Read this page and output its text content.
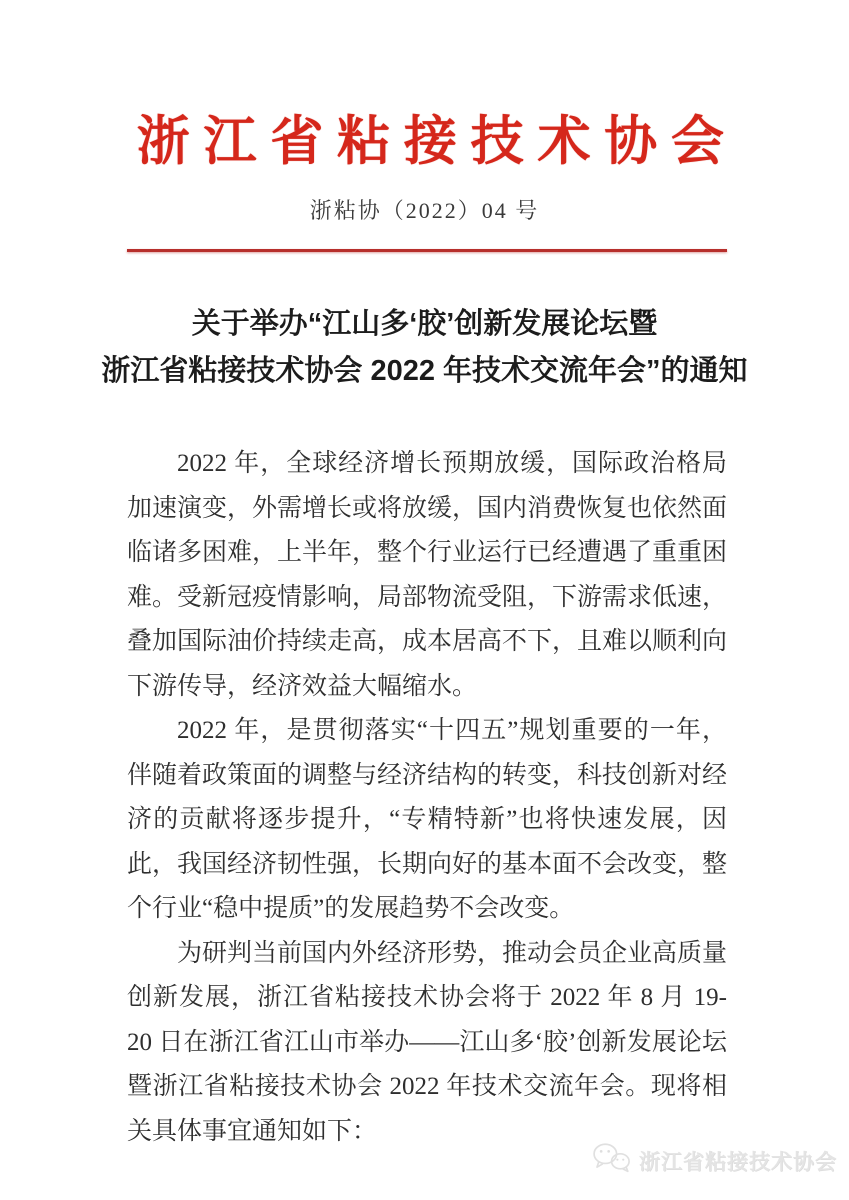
浙江省粘接技术协会
浙粘协（2022）04 号
关于举办“江山多‘胶’创新发展论坛暨
浙江省粘接技术协会 2022 年技术交流年会”的通知

2022 年，全球经济增长预期放缓，国际政治格局加速演变，外需增长或将放缓，国内消费恢复也依然面临诸多困难，上半年，整个行业运行已经遭遇了重重困难。受新冠疫情影响，局部物流受阻，下游需求低速，叠加国际油价持续走高，成本居高不下，且难以顺利向下游传导，经济效益大幅缩水。

2022 年，是贯彻落实“十四五”规划重要的一年，伴随着政策面的调整与经济结构的转变，科技创新对经济的贡献将逐步提升，“专精特新”也将快速发展，因此，我国经济韧性强，长期向好的基本面不会改变，整个行业“稳中提质”的发展趋势不会改变。

为研判当前国内外经济形势，推动会员企业高质量创新发展，浙江省粘接技术协会将于 2022 年 8 月 19-20 日在浙江省江山市举办——江山多‘胶’创新发展论坛暨浙江省粘接技术协会 2022 年技术交流年会。现将相关具体事宜通知如下：

浙江省粘接技术协会
